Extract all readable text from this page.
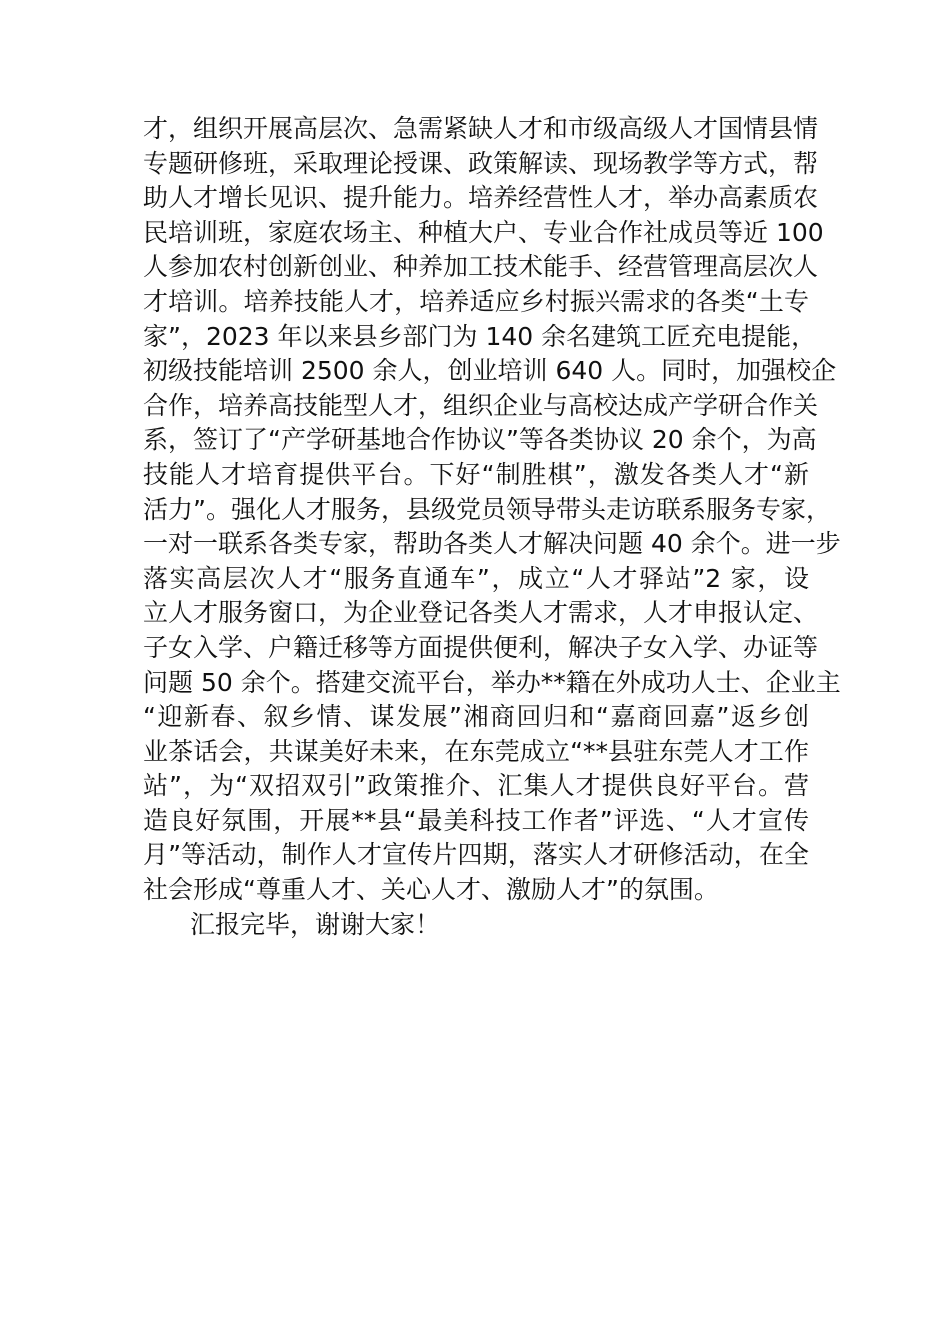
才，组织开展高层次、急需紧缺人才和市级高级人才国情县情
专题研修班，采取理论授课、政策解读、现场教学等方式，帮
助人才增长见识、提升能力。培养经营性人才，举办高素质农
民培训班，家庭农场主、种植大户、专业合作社成员等近 100
人参加农村创新创业、种养加工技术能手、经营管理高层次人
才培训。培养技能人才，培养适应乡村振兴需求的各类“土专
家”，2023 年以来县乡部门为 140 余名建筑工匠充电提能，
初级技能培训 2500 余人，创业培训 640 人。同时，加强校企
合作，培养高技能型人才，组织企业与高校达成产学研合作关
系，签订了“产学研基地合作协议”等各类协议 20 余个，为高
技能人才培育提供平台。下好“制胜棋”，激发各类人才“新
活力”。强化人才服务，县级党员领导带头走访联系服务专家，
一对一联系各类专家，帮助各类人才解决问题 40 余个。进一步
落实高层次人才“服务直通车”，成立“人才驿站”2 家，设
立人才服务窗口，为企业登记各类人才需求，人才申报认定、
子女入学、户籍迁移等方面提供便利，解决子女入学、办证等
问题 50 余个。搭建交流平台，举办**籍在外成功人士、企业主
“迎新春、叙乡情、谋发展”湘商回归和“嘉商回嘉”返乡创
业茶话会，共谋美好未来，在东莞成立“**县驻东莞人才工作
站”，为“双招双引”政策推介、汇集人才提供良好平台。营
造良好氛围，开展**县“最美科技工作者”评选、“人才宣传
月”等活动，制作人才宣传片四期，落实人才研修活动，在全
社会形成“尊重人才、关心人才、激励人才”的氛围。
汇报完毕，谢谢大家！
